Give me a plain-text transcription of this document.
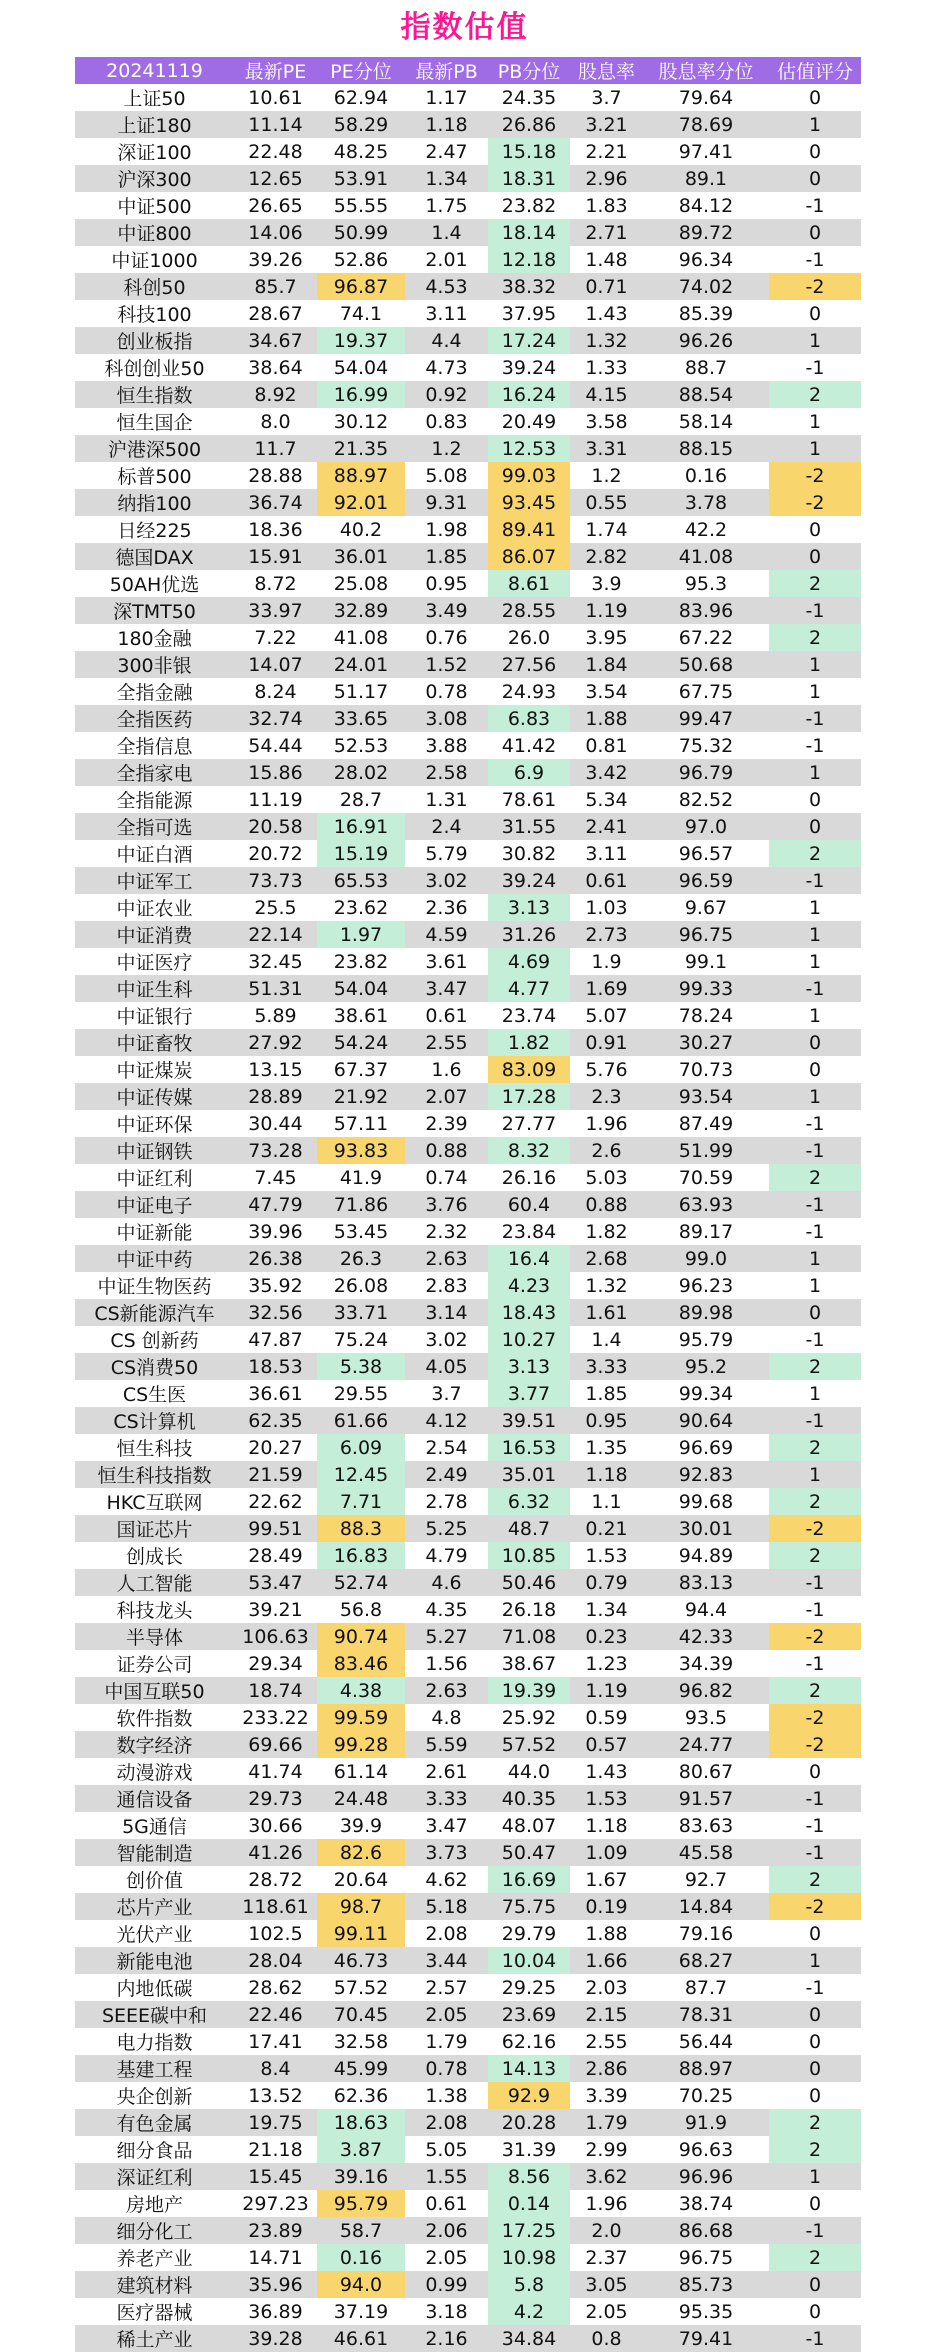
指数估值
20241119	最新PE	PE分位	最新PB	PB分位	股息率	股息率分位	估值评分
上证50	10.61	62.94	1.17	24.35	3.7	79.64	0
上证180	11.14	58.29	1.18	26.86	3.21	78.69	1
深证100	22.48	48.25	2.47	15.18	2.21	97.41	0
沪深300	12.65	53.91	1.34	18.31	2.96	89.1	0
中证500	26.65	55.55	1.75	23.82	1.83	84.12	-1
中证800	14.06	50.99	1.4	18.14	2.71	89.72	0
中证1000	39.26	52.86	2.01	12.18	1.48	96.34	-1
科创50	85.7	96.87	4.53	38.32	0.71	74.02	-2
科技100	28.67	74.1	3.11	37.95	1.43	85.39	0
创业板指	34.67	19.37	4.4	17.24	1.32	96.26	1
科创创业50	38.64	54.04	4.73	39.24	1.33	88.7	-1
恒生指数	8.92	16.99	0.92	16.24	4.15	88.54	2
恒生国企	8.0	30.12	0.83	20.49	3.58	58.14	1
沪港深500	11.7	21.35	1.2	12.53	3.31	88.15	1
标普500	28.88	88.97	5.08	99.03	1.2	0.16	-2
纳指100	36.74	92.01	9.31	93.45	0.55	3.78	-2
日经225	18.36	40.2	1.98	89.41	1.74	42.2	0
德国DAX	15.91	36.01	1.85	86.07	2.82	41.08	0
50AH优选	8.72	25.08	0.95	8.61	3.9	95.3	2
深TMT50	33.97	32.89	3.49	28.55	1.19	83.96	-1
180金融	7.22	41.08	0.76	26.0	3.95	67.22	2
300非银	14.07	24.01	1.52	27.56	1.84	50.68	1
全指金融	8.24	51.17	0.78	24.93	3.54	67.75	1
全指医药	32.74	33.65	3.08	6.83	1.88	99.47	-1
全指信息	54.44	52.53	3.88	41.42	0.81	75.32	-1
全指家电	15.86	28.02	2.58	6.9	3.42	96.79	1
全指能源	11.19	28.7	1.31	78.61	5.34	82.52	0
全指可选	20.58	16.91	2.4	31.55	2.41	97.0	0
中证白酒	20.72	15.19	5.79	30.82	3.11	96.57	2
中证军工	73.73	65.53	3.02	39.24	0.61	96.59	-1
中证农业	25.5	23.62	2.36	3.13	1.03	9.67	1
中证消费	22.14	1.97	4.59	31.26	2.73	96.75	1
中证医疗	32.45	23.82	3.61	4.69	1.9	99.1	1
中证生科	51.31	54.04	3.47	4.77	1.69	99.33	-1
中证银行	5.89	38.61	0.61	23.74	5.07	78.24	1
中证畜牧	27.92	54.24	2.55	1.82	0.91	30.27	0
中证煤炭	13.15	67.37	1.6	83.09	5.76	70.73	0
中证传媒	28.89	21.92	2.07	17.28	2.3	93.54	1
中证环保	30.44	57.11	2.39	27.77	1.96	87.49	-1
中证钢铁	73.28	93.83	0.88	8.32	2.6	51.99	-1
中证红利	7.45	41.9	0.74	26.16	5.03	70.59	2
中证电子	47.79	71.86	3.76	60.4	0.88	63.93	-1
中证新能	39.96	53.45	2.32	23.84	1.82	89.17	-1
中证中药	26.38	26.3	2.63	16.4	2.68	99.0	1
中证生物医药	35.92	26.08	2.83	4.23	1.32	96.23	1
CS新能源汽车	32.56	33.71	3.14	18.43	1.61	89.98	0
CS 创新药	47.87	75.24	3.02	10.27	1.4	95.79	-1
CS消费50	18.53	5.38	4.05	3.13	3.33	95.2	2
CS生医	36.61	29.55	3.7	3.77	1.85	99.34	1
CS计算机	62.35	61.66	4.12	39.51	0.95	90.64	-1
恒生科技	20.27	6.09	2.54	16.53	1.35	96.69	2
恒生科技指数	21.59	12.45	2.49	35.01	1.18	92.83	1
HKC互联网	22.62	7.71	2.78	6.32	1.1	99.68	2
国证芯片	99.51	88.3	5.25	48.7	0.21	30.01	-2
创成长	28.49	16.83	4.79	10.85	1.53	94.89	2
人工智能	53.47	52.74	4.6	50.46	0.79	83.13	-1
科技龙头	39.21	56.8	4.35	26.18	1.34	94.4	-1
半导体	106.63	90.74	5.27	71.08	0.23	42.33	-2
证券公司	29.34	83.46	1.56	38.67	1.23	34.39	-1
中国互联50	18.74	4.38	2.63	19.39	1.19	96.82	2
软件指数	233.22	99.59	4.8	25.92	0.59	93.5	-2
数字经济	69.66	99.28	5.59	57.52	0.57	24.77	-2
动漫游戏	41.74	61.14	2.61	44.0	1.43	80.67	0
通信设备	29.73	24.48	3.33	40.35	1.53	91.57	-1
5G通信	30.66	39.9	3.47	48.07	1.18	83.63	-1
智能制造	41.26	82.6	3.73	50.47	1.09	45.58	-1
创价值	28.72	20.64	4.62	16.69	1.67	92.7	2
芯片产业	118.61	98.7	5.18	75.75	0.19	14.84	-2
光伏产业	102.5	99.11	2.08	29.79	1.88	79.16	0
新能电池	28.04	46.73	3.44	10.04	1.66	68.27	1
内地低碳	28.62	57.52	2.57	29.25	2.03	87.7	-1
SEEE碳中和	22.46	70.45	2.05	23.69	2.15	78.31	0
电力指数	17.41	32.58	1.79	62.16	2.55	56.44	0
基建工程	8.4	45.99	0.78	14.13	2.86	88.97	0
央企创新	13.52	62.36	1.38	92.9	3.39	70.25	0
有色金属	19.75	18.63	2.08	20.28	1.79	91.9	2
细分食品	21.18	3.87	5.05	31.39	2.99	96.63	2
深证红利	15.45	39.16	1.55	8.56	3.62	96.96	1
房地产	297.23	95.79	0.61	0.14	1.96	38.74	0
细分化工	23.89	58.7	2.06	17.25	2.0	86.68	-1
养老产业	14.71	0.16	2.05	10.98	2.37	96.75	2
建筑材料	35.96	94.0	0.99	5.8	3.05	85.73	0
医疗器械	36.89	37.19	3.18	4.2	2.05	95.35	0
稀土产业	39.28	46.61	2.16	34.84	0.8	79.41	-1
